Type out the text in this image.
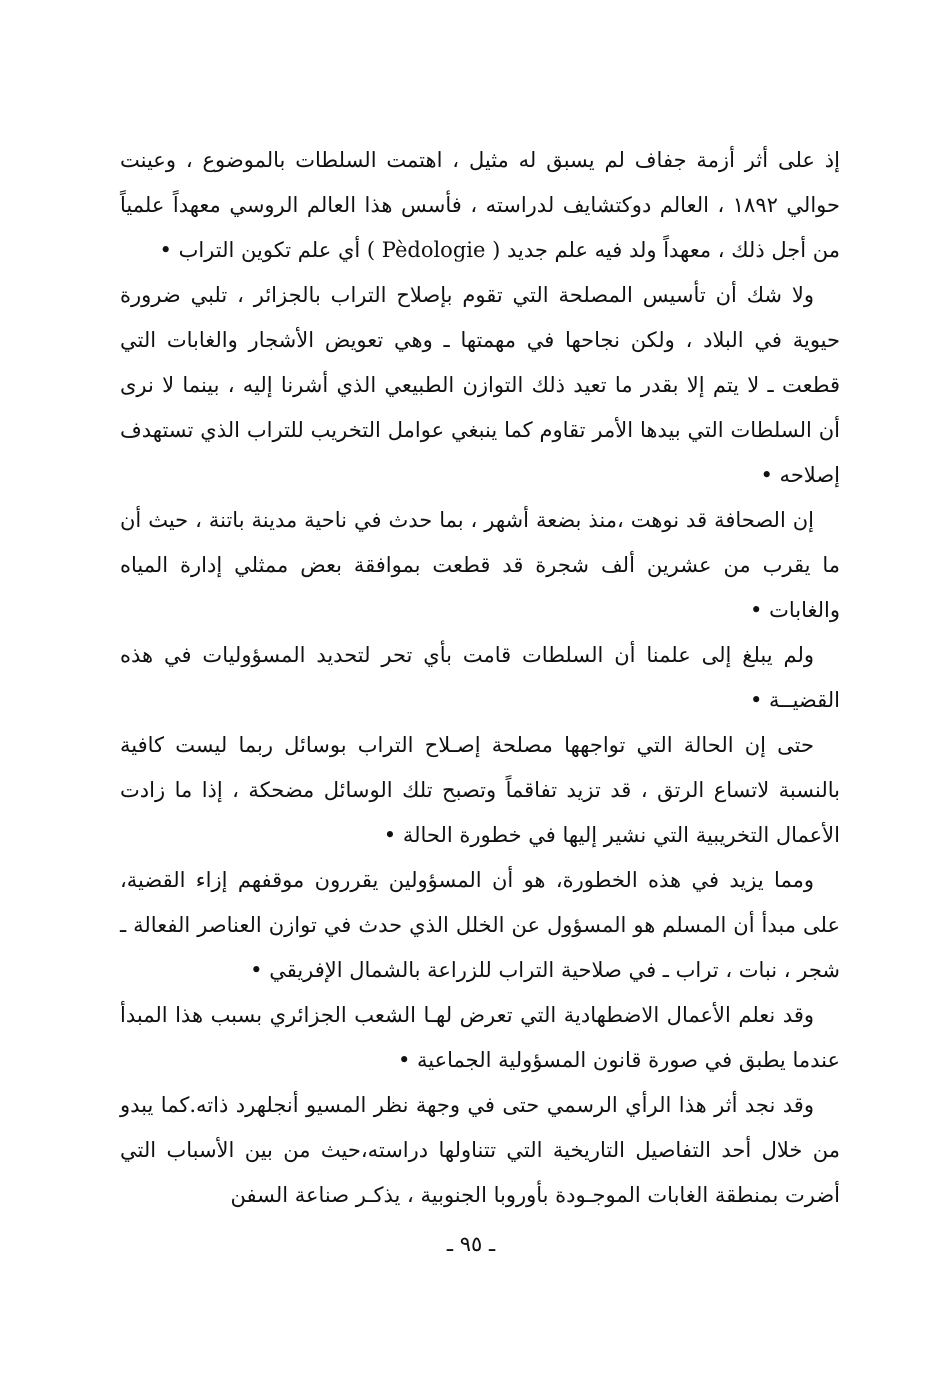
إذ على أثر أزمة جفاف لم يسبق له مثيل ، اهتمت السلطات بالموضوع ، وعينت حوالي ١٨٩٢ ، العالم دوكتشايف لدراسته ، فأسس هذا العالم الروسي معهداً علمياً من أجل ذلك ، معهداً ولد فيه علم جديد ( Pèdologie ) أي علم تكوين التراب •

ولا شك أن تأسيس المصلحة التي تقوم بإصلاح التراب بالجزائر ، تلبي ضرورة حيوية في البلاد ، ولكن نجاحها في مهمتها ـ وهي تعويض الأشجار والغابات التي قطعت ـ لا يتم إلا بقدر ما تعيد ذلك التوازن الطبيعي الذي أشرنا إليه ، بينما لا نرى أن السلطات التي بيدها الأمر تقاوم كما ينبغي عوامل التخريب للتراب الذي تستهدف إصلاحه •

إن الصحافة قد نوهت ،منذ بضعة أشهر ، بما حدث في ناحية مدينة باتنة ، حيث أن ما يقرب من عشرين ألف شجرة قد قطعت بموافقة بعض ممثلي إدارة المياه والغابات •

ولم يبلغ إلى علمنا أن السلطات قامت بأي تحر لتحديد المسؤوليات في هذه القضيــة •

حتى إن الحالة التي تواجهها مصلحة إصـلاح التراب بوسائل ربما ليست كافية بالنسبة لاتساع الرتق ، قد تزيد تفاقماً وتصبح تلك الوسائل مضحكة ، إذا ما زادت الأعمال التخريبية التي نشير إليها في خطورة الحالة •

ومما يزيد في هذه الخطورة، هو أن المسؤولين يقررون موقفهم إزاء القضية، على مبدأ أن المسلم هو المسؤول عن الخلل الذي حدث في توازن العناصر الفعالة ـ شجر ، نبات ، تراب ـ في صلاحية التراب للزراعة بالشمال الإفريقي •

وقد نعلم الأعمال الاضطهادية التي تعرض لهـا الشعب الجزائري بسبب هذا المبدأ عندما يطبق في صورة قانون المسؤولية الجماعية •

وقد نجد أثر هذا الرأي الرسمي حتى في وجهة نظر المسيو أنجلهرد ذاته.كما يبدو من خلال أحد التفاصيل التاريخية التي تتناولها دراسته،حيث من بين الأسباب التي أضرت بمنطقة الغابات الموجـودة بأوروبا الجنوبية ، يذكـر صناعة السفن

ـ ٩٥ ـ
